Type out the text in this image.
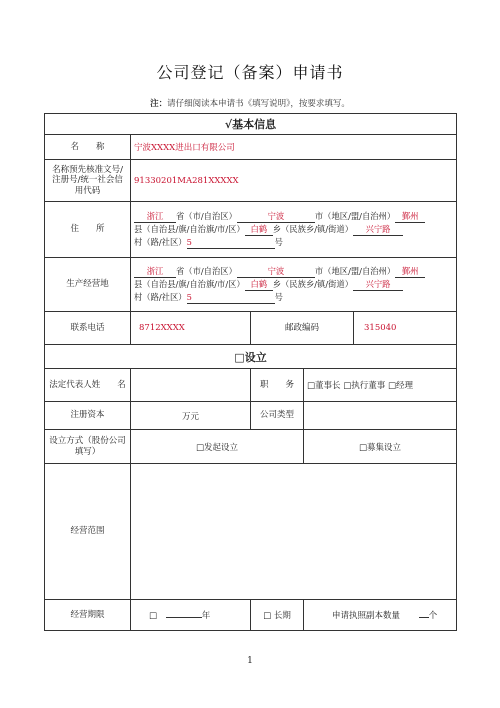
公司登记（备案）申请书
注：请仔细阅读本申请书《填写说明》，按要求填写。
√基本信息				
名　　称	宁波XXXX进出口有限公司			
名称预先核准文号/注册号/统一社会信用代码	91330201MA281XXXXX			
住　　所	浙江 省（市/自治区） 宁波 市（地区/盟/自治州） 鄞州
县（自治县/旗/自治旗/市/区） 白鹤 乡（民族乡/镇/街道） 兴宁路
村（路/社区）5 号			
生产经营地	浙江 省（市/自治区） 宁波 市（地区/盟/自治州） 鄞州
县（自治县/旗/自治旗/市/区） 白鹤 乡（民族乡/镇/街道） 兴宁路
村（路/社区）5 号			
联系电话	8712XXXX	邮政编码		315040
□设立				
法定代表人姓　　名		职　　务	□董事长 □执行董事 □经理	
注册资本	万元	公司类型		
设立方式（股份公司填写）	□发起设立		□募集设立	
经营范围				
经营期限	□ 年	□ 长期	申请执照副本数量 个	
1
